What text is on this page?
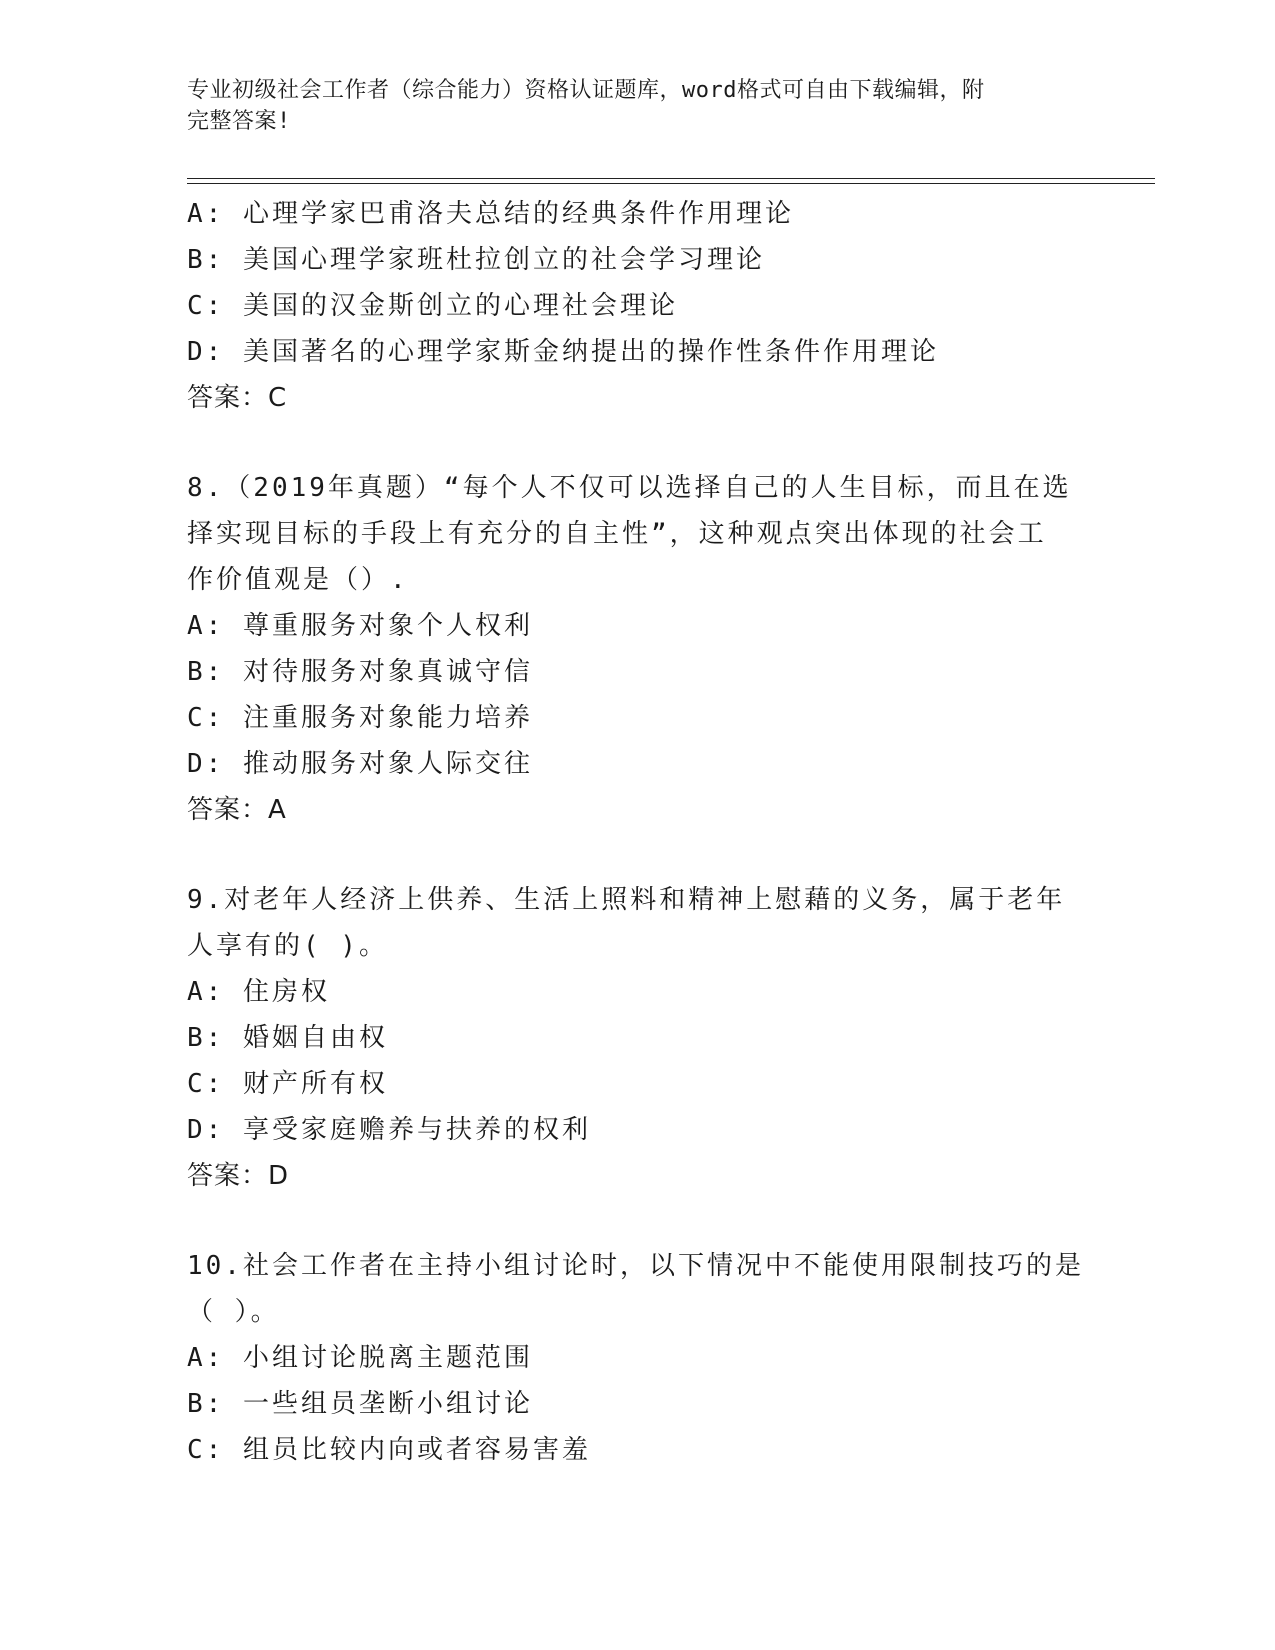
专业初级社会工作者（综合能力）资格认证题库，word格式可自由下载编辑，附
完整答案!
A: 心理学家巴甫洛夫总结的经典条件作用理论
B: 美国心理学家班杜拉创立的社会学习理论
C: 美国的汉金斯创立的心理社会理论
D: 美国著名的心理学家斯金纳提出的操作性条件作用理论
答案：C
8.（2019年真题）“每个人不仅可以选择自己的人生目标，而且在选
择实现目标的手段上有充分的自主性”，这种观点突出体现的社会工
作价值观是（）.
A: 尊重服务对象个人权利
B: 对待服务对象真诚守信
C: 注重服务对象能力培养
D: 推动服务对象人际交往
答案：A
9.对老年人经济上供养、生活上照料和精神上慰藉的义务，属于老年
人享有的( )。
A: 住房权
B: 婚姻自由权
C: 财产所有权
D: 享受家庭赡养与扶养的权利
答案：D
10.社会工作者在主持小组讨论时，以下情况中不能使用限制技巧的是
（ ）。
A: 小组讨论脱离主题范围
B: 一些组员垄断小组讨论
C: 组员比较内向或者容易害羞
